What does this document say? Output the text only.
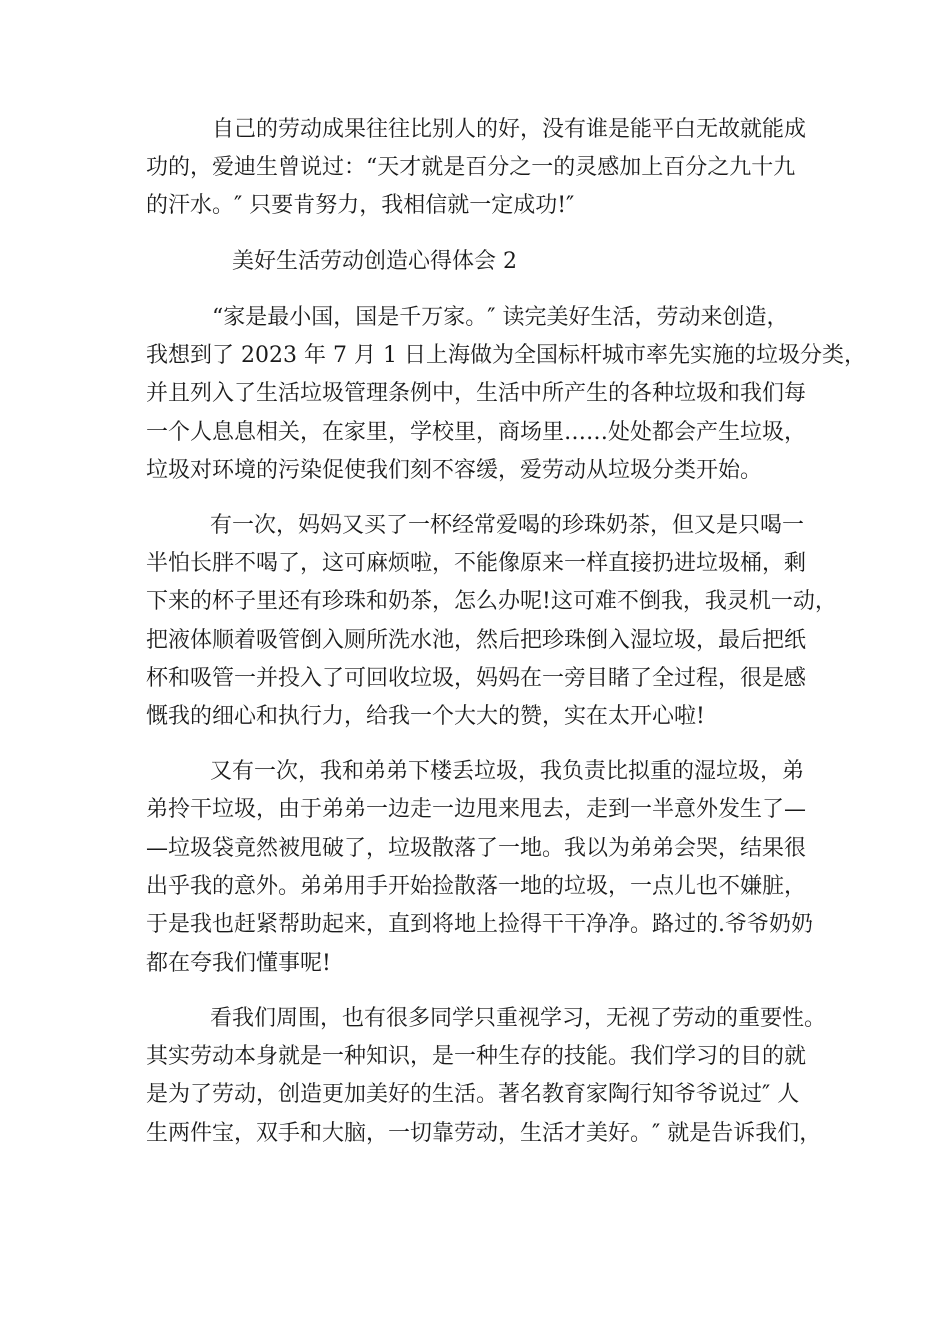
自己的劳动成果往往比别人的好，没有谁是能平白无故就能成

功的，爱迪生曾说过：“天才就是百分之一的灵感加上百分之九十九

的汗水。″ 只要肯努力，我相信就一定成功!″

美好生活劳动创造心得体会 2

“家是最小国，国是千万家。″ 读完美好生活，劳动来创造，

我想到了 2023 年 7 月 1 日上海做为全国标杆城市率先实施的垃圾分类，

并且列入了生活垃圾管理条例中，生活中所产生的各种垃圾和我们每

一个人息息相关，在家里，学校里，商场里……处处都会产生垃圾，

垃圾对环境的污染促使我们刻不容缓，爱劳动从垃圾分类开始。

有一次，妈妈又买了一杯经常爱喝的珍珠奶茶，但又是只喝一

半怕长胖不喝了，这可麻烦啦，不能像原来一样直接扔进垃圾桶，剩

下来的杯子里还有珍珠和奶茶，怎么办呢!这可难不倒我，我灵机一动，

把液体顺着吸管倒入厕所洗水池，然后把珍珠倒入湿垃圾，最后把纸

杯和吸管一并投入了可回收垃圾，妈妈在一旁目睹了全过程，很是感

慨我的细心和执行力，给我一个大大的赞，实在太开心啦!

又有一次，我和弟弟下楼丢垃圾，我负责比拟重的湿垃圾，弟

弟拎干垃圾，由于弟弟一边走一边甩来甩去，走到一半意外发生了—

—垃圾袋竟然被甩破了，垃圾散落了一地。我以为弟弟会哭，结果很

出乎我的意外。弟弟用手开始捡散落一地的垃圾，一点儿也不嫌脏，

于是我也赶紧帮助起来，直到将地上捡得干干净净。路过的.爷爷奶奶

都在夸我们懂事呢!

看我们周围，也有很多同学只重视学习，无视了劳动的重要性。

其实劳动本身就是一种知识，是一种生存的技能。我们学习的目的就

是为了劳动，创造更加美好的生活。著名教育家陶行知爷爷说过″ 人

生两件宝，双手和大脑，一切靠劳动，生活才美好。″ 就是告诉我们，
